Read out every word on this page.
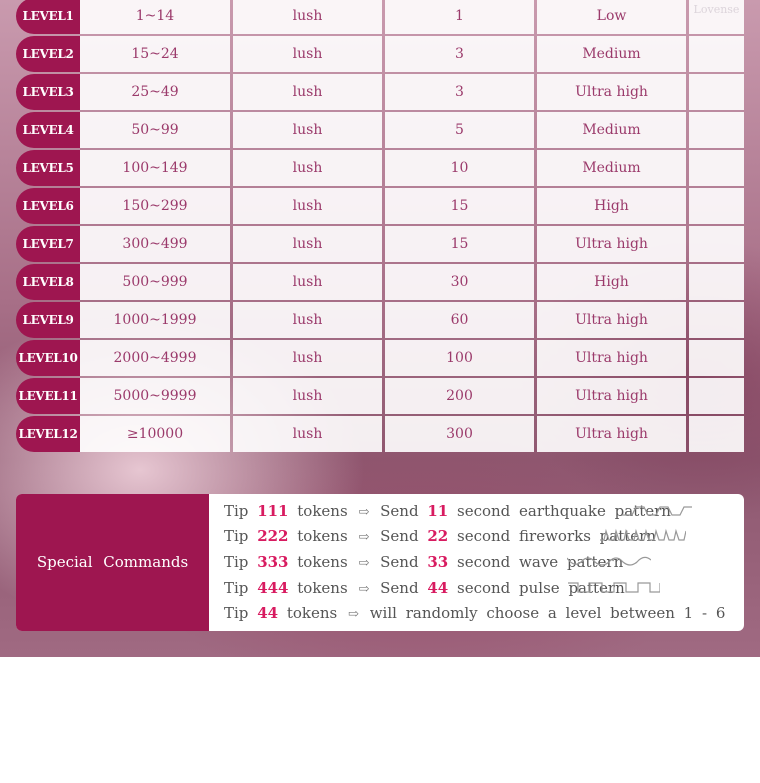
LEVEL1	1~14	lush	1	Low	Lovense
LEVEL2	15~24	lush	3	Medium
LEVEL3	25~49	lush	3	Ultra high
LEVEL4	50~99	lush	5	Medium
LEVEL5	100~149	lush	10	Medium
LEVEL6	150~299	lush	15	High
LEVEL7	300~499	lush	15	Ultra high
LEVEL8	500~999	lush	30	High
LEVEL9	1000~1999	lush	60	Ultra high
LEVEL10	2000~4999	lush	100	Ultra high
LEVEL11	5000~9999	lush	200	Ultra high
LEVEL12	≥10000	lush	300	Ultra high
Special Commands
Tip 111 tokens ⇨ Send 11 second earthquake pattern
Tip 222 tokens ⇨ Send 22 second fireworks pattern
Tip 333 tokens ⇨ Send 33 second wave pattern
Tip 444 tokens ⇨ Send 44 second pulse pattern
Tip 44 tokens ⇨ will randomly choose a level between 1 - 6
